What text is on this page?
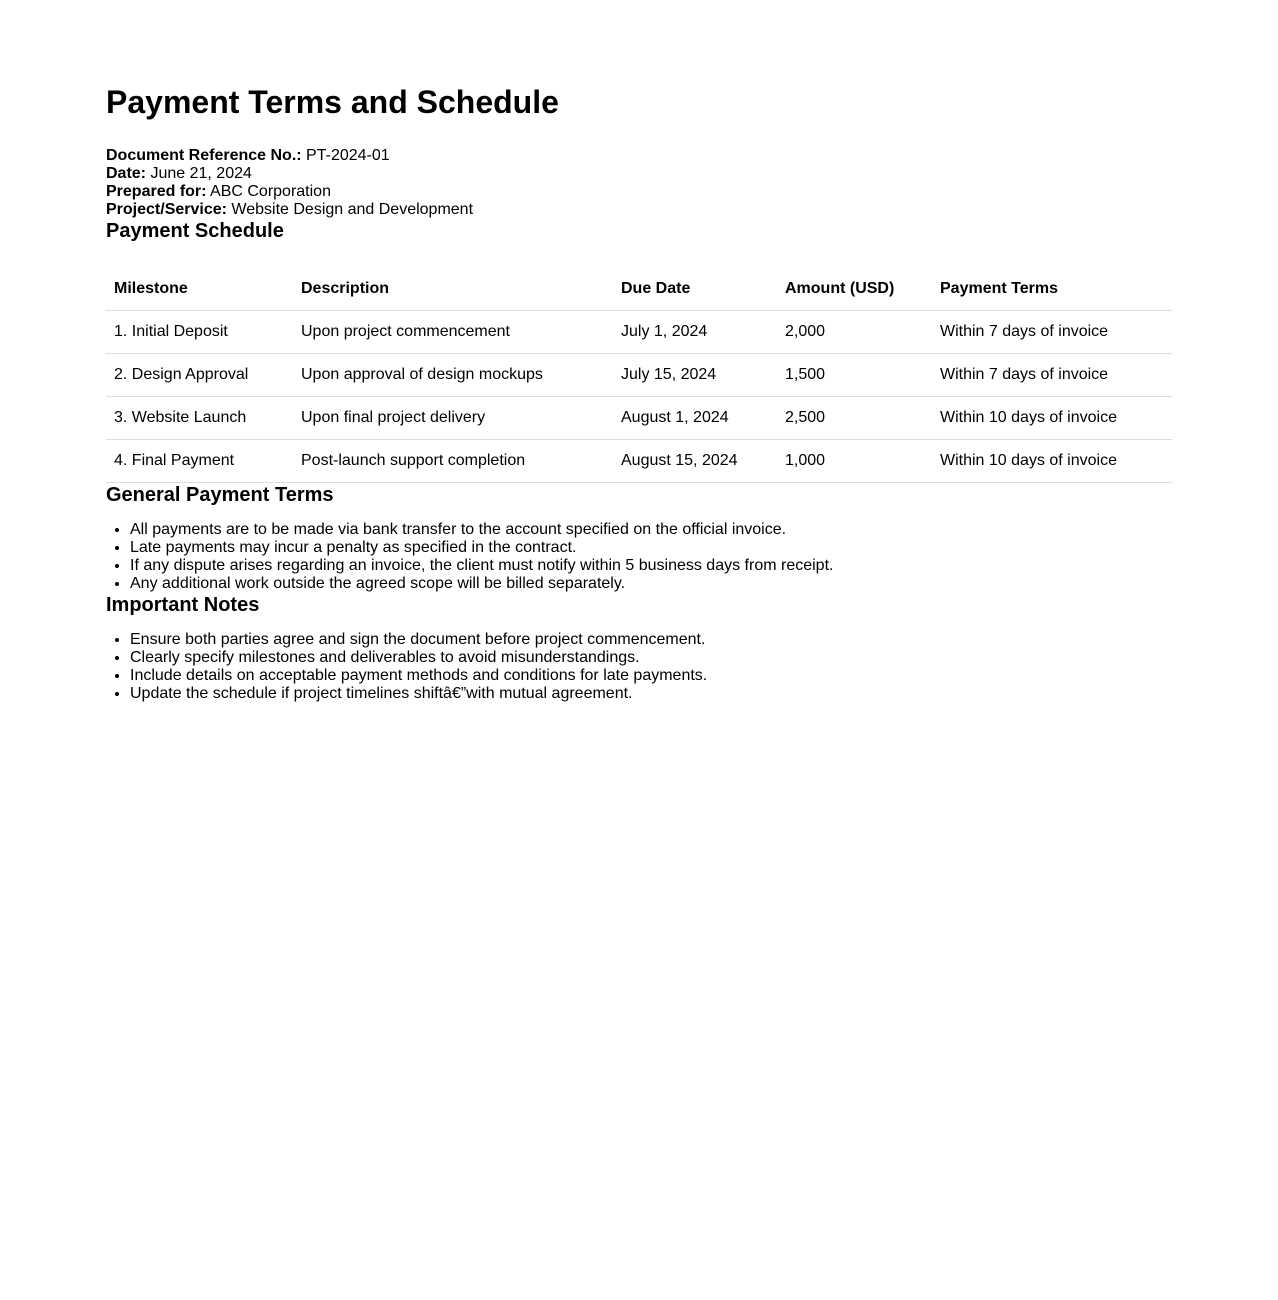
Payment Terms and Schedule
Document Reference No.: PT-2024-01
Date: June 21, 2024
Prepared for: ABC Corporation
Project/Service: Website Design and Development
Payment Schedule
Milestone	Description	Due Date	Amount (USD)	Payment Terms
1. Initial Deposit	Upon project commencement	July 1, 2024	2,000	Within 7 days of invoice
2. Design Approval	Upon approval of design mockups	July 15, 2024	1,500	Within 7 days of invoice
3. Website Launch	Upon final project delivery	August 1, 2024	2,500	Within 10 days of invoice
4. Final Payment	Post-launch support completion	August 15, 2024	1,000	Within 10 days of invoice
General Payment Terms
• All payments are to be made via bank transfer to the account specified on the official invoice.
• Late payments may incur a penalty as specified in the contract.
• If any dispute arises regarding an invoice, the client must notify within 5 business days from receipt.
• Any additional work outside the agreed scope will be billed separately.
Important Notes
• Ensure both parties agree and sign the document before project commencement.
• Clearly specify milestones and deliverables to avoid misunderstandings.
• Include details on acceptable payment methods and conditions for late payments.
• Update the schedule if project timelines shiftâ€”with mutual agreement.
